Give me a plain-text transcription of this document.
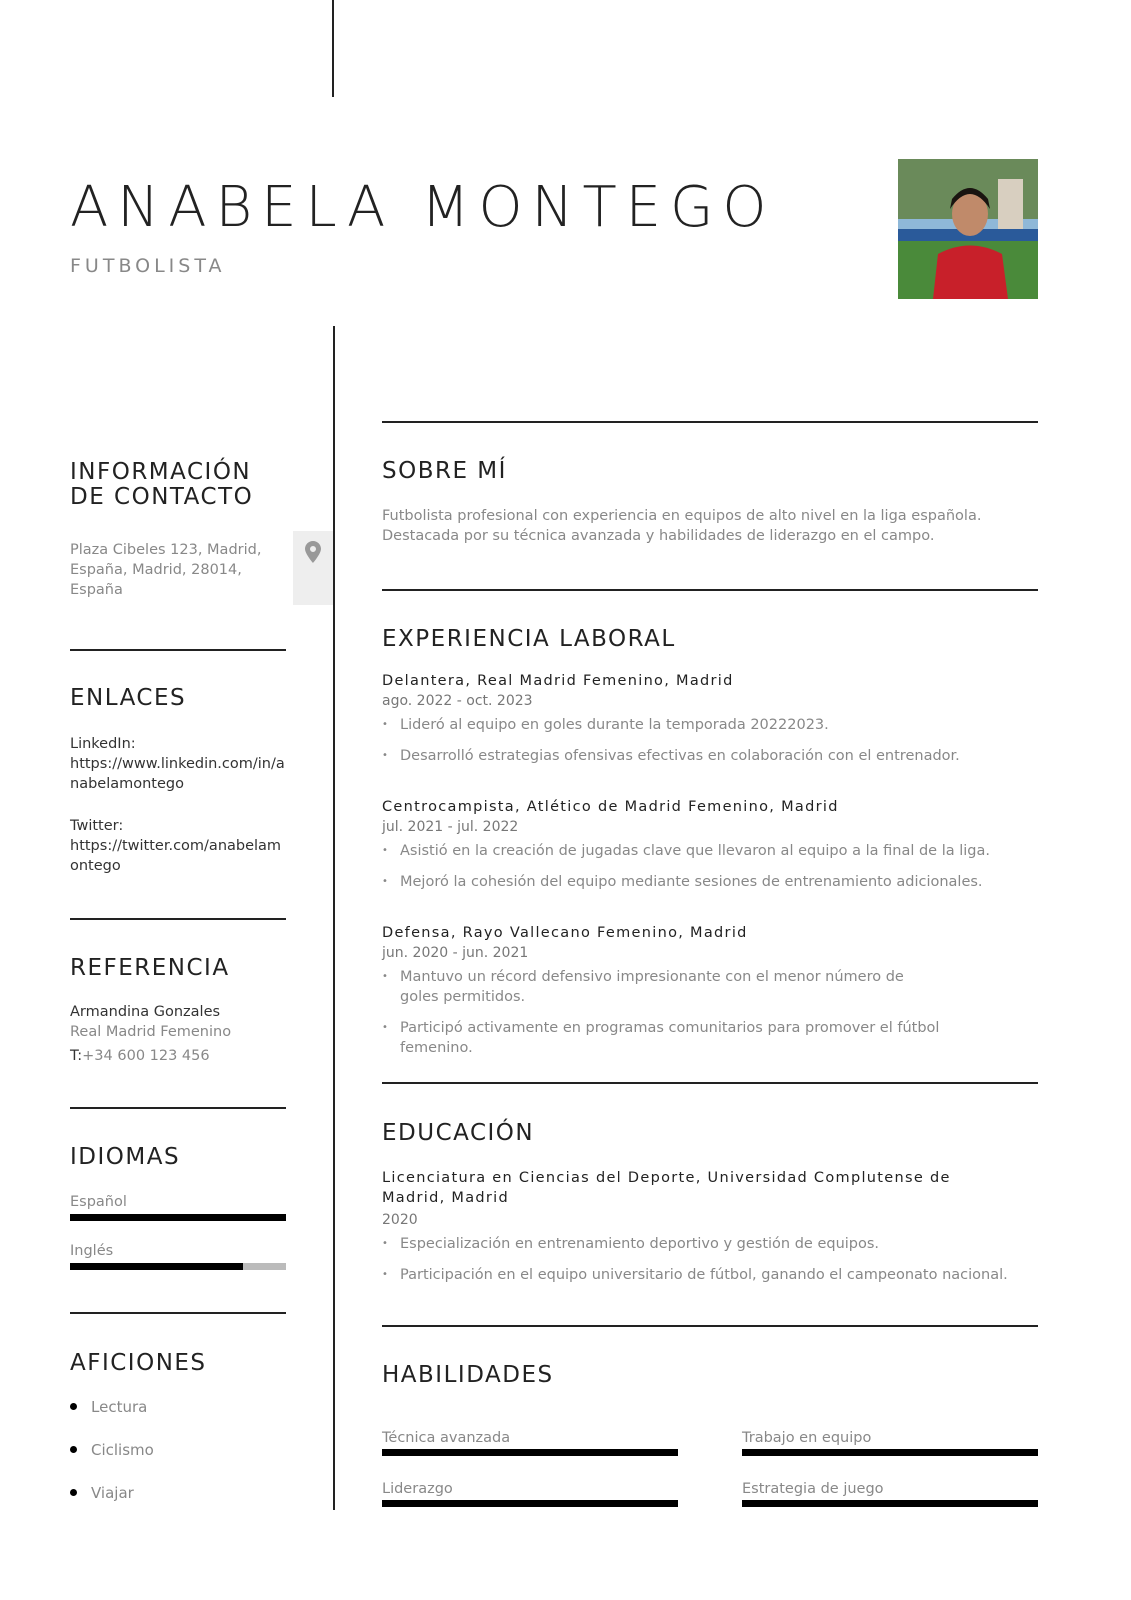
ANABELA MONTEGO
FUTBOLISTA
INFORMACIÓN
DE CONTACTO
Plaza Cibeles 123, Madrid, España, Madrid, 28014, España
ENLACES
LinkedIn:
https://www.linkedin.com/in/anabelamontego
Twitter:
https://twitter.com/anabelamontego
REFERENCIA
Armandina Gonzales
Real Madrid Femenino
T:+34 600 123 456
IDIOMAS
Español
Inglés
AFICIONES
Lectura
Ciclismo
Viajar
SOBRE MÍ
Futbolista profesional con experiencia en equipos de alto nivel en la liga española. Destacada por su técnica avanzada y habilidades de liderazgo en el campo.
EXPERIENCIA LABORAL
Delantera, Real Madrid Femenino, Madrid
ago. 2022 - oct. 2023
• Lideró al equipo en goles durante la temporada 20222023.
• Desarrolló estrategias ofensivas efectivas en colaboración con el entrenador.
Centrocampista, Atlético de Madrid Femenino, Madrid
jul. 2021 - jul. 2022
• Asistió en la creación de jugadas clave que llevaron al equipo a la final de la liga.
• Mejoró la cohesión del equipo mediante sesiones de entrenamiento adicionales.
Defensa, Rayo Vallecano Femenino, Madrid
jun. 2020 - jun. 2021
• Mantuvo un récord defensivo impresionante con el menor número de goles permitidos.
• Participó activamente en programas comunitarios para promover el fútbol femenino.
EDUCACIÓN
Licenciatura en Ciencias del Deporte, Universidad Complutense de Madrid, Madrid
2020
• Especialización en entrenamiento deportivo y gestión de equipos.
• Participación en el equipo universitario de fútbol, ganando el campeonato nacional.
HABILIDADES
Técnica avanzada	Trabajo en equipo
Liderazgo	Estrategia de juego
